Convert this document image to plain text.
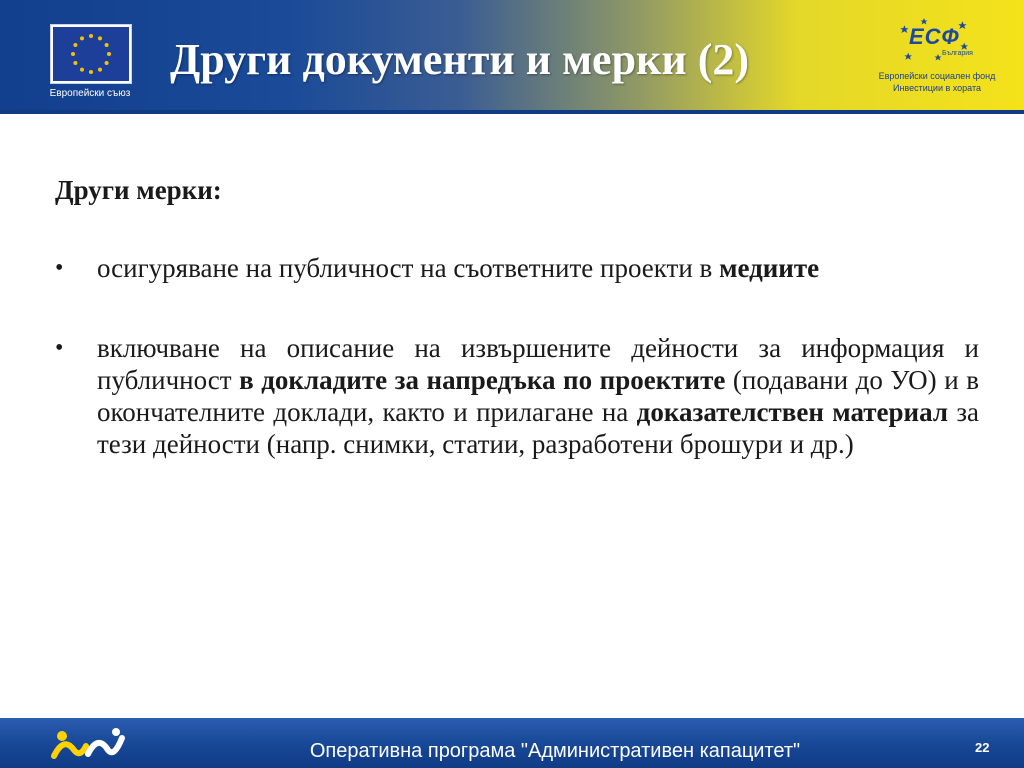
Европейски съюз
Други документи и мерки (2)	ЕСФ
България
Европейски социален фонд
Инвестиции в хората
Други мерки:
• осигуряване на публичност на съответните проекти в медиите
• включване на описание на извършените дейности за информация и публичност в докладите за напредъка по проектите (подавани до УО) и в окончателните доклади, както и прилагане на доказателствен материал за тези дейности (напр. снимки, статии, разработени брошури и др.)
Оперативна програма "Административен капацитет"	22
